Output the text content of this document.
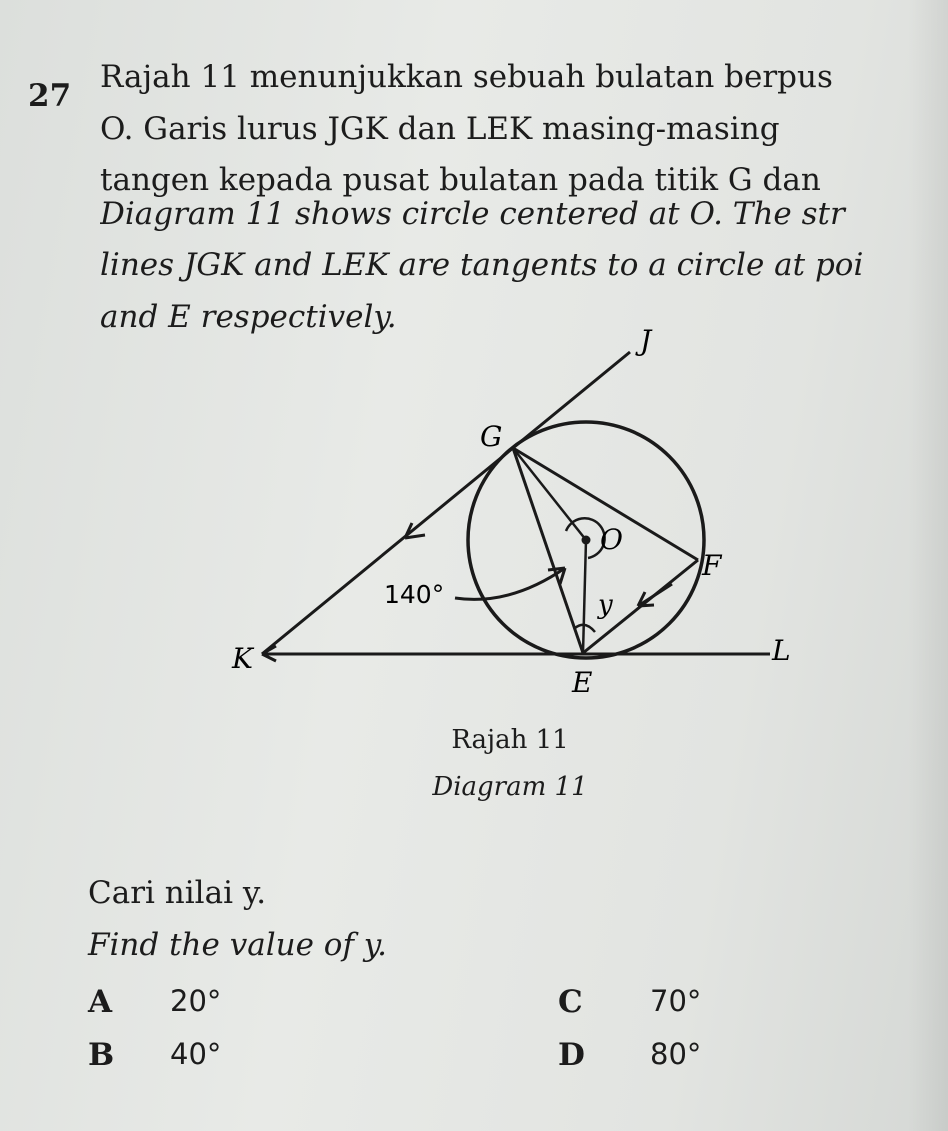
27
Rajah 11 menunjukkan sebuah bulatan berpus
O. Garis lurus JGK dan LEK masing-masing
tangen kepada pusat bulatan pada titik G dan
Diagram 11 shows circle centered at O. The str
lines JGK and LEK are tangents to a circle at poi
and E respectively.
J
G
O
F
K
E
L
140°	y
Rajah 11
Diagram 11
Cari nilai y.
Find the value of y.
A 20°
B 40°
C 70°
D 80°
